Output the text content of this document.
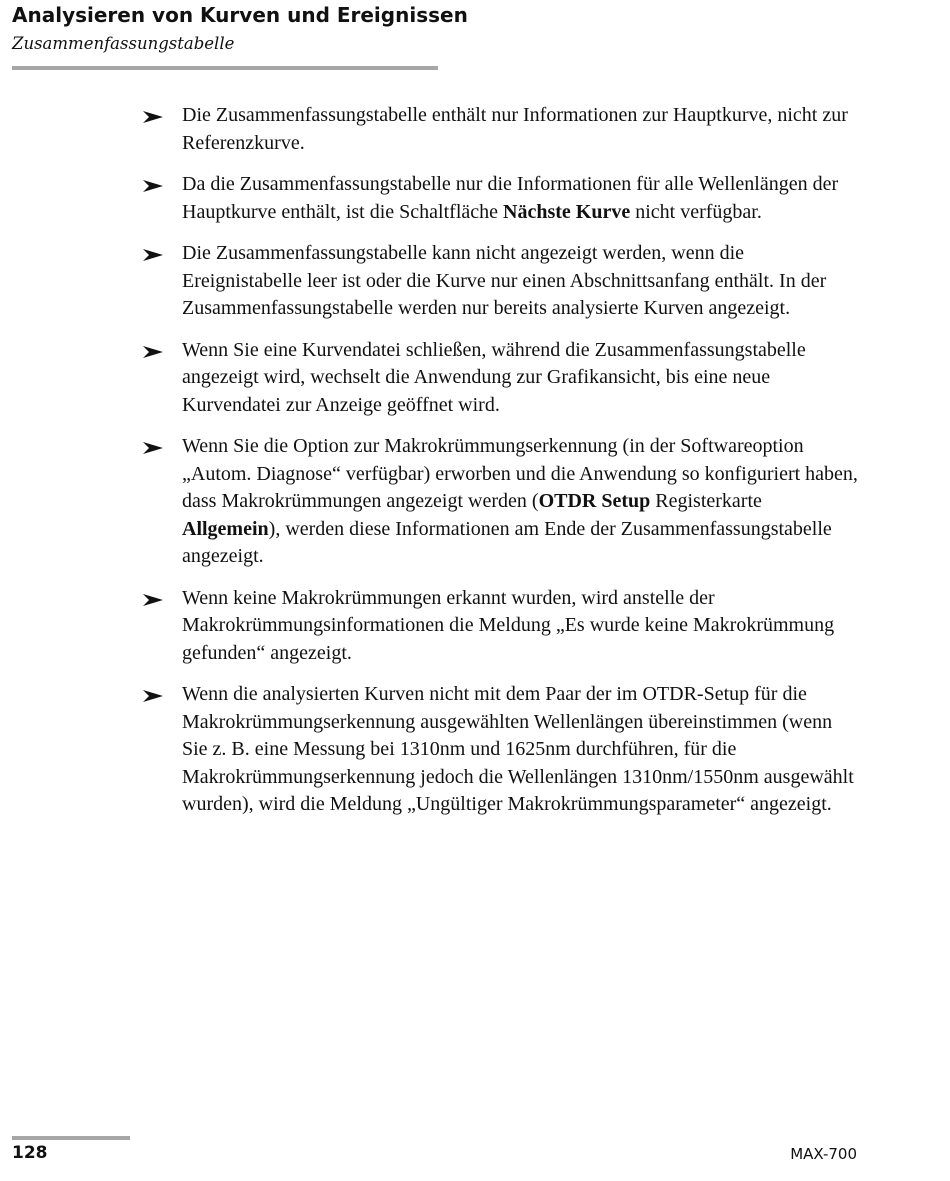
Analysieren von Kurven und Ereignissen
Zusammenfassungstabelle
Die Zusammenfassungstabelle enthält nur Informationen zur Hauptkurve, nicht zur Referenzkurve.
Da die Zusammenfassungstabelle nur die Informationen für alle Wellenlängen der Hauptkurve enthält, ist die Schaltfläche Nächste Kurve nicht verfügbar.
Die Zusammenfassungstabelle kann nicht angezeigt werden, wenn die Ereignistabelle leer ist oder die Kurve nur einen Abschnittsanfang enthält. In der Zusammenfassungstabelle werden nur bereits analysierte Kurven angezeigt.
Wenn Sie eine Kurvendatei schließen, während die Zusammenfassungstabelle angezeigt wird, wechselt die Anwendung zur Grafikansicht, bis eine neue Kurvendatei zur Anzeige geöffnet wird.
Wenn Sie die Option zur Makrokrümmungserkennung (in der Softwareoption „Autom. Diagnose“ verfügbar) erworben und die Anwendung so konfiguriert haben, dass Makrokrümmungen angezeigt werden (OTDR Setup Registerkarte Allgemein), werden diese Informationen am Ende der Zusammenfassungstabelle angezeigt.
Wenn keine Makrokrümmungen erkannt wurden, wird anstelle der Makrokrümmungsinformationen die Meldung „Es wurde keine Makrokrümmung gefunden“ angezeigt.
Wenn die analysierten Kurven nicht mit dem Paar der im OTDR-Setup für die Makrokrümmungserkennung ausgewählten Wellenlängen übereinstimmen (wenn Sie z. B. eine Messung bei 1310nm und 1625nm durchführen, für die Makrokrümmungserkennung jedoch die Wellenlängen 1310nm/1550nm ausgewählt wurden), wird die Meldung „Ungültiger Makrokrümmungsparameter“ angezeigt.
128	MAX-700
